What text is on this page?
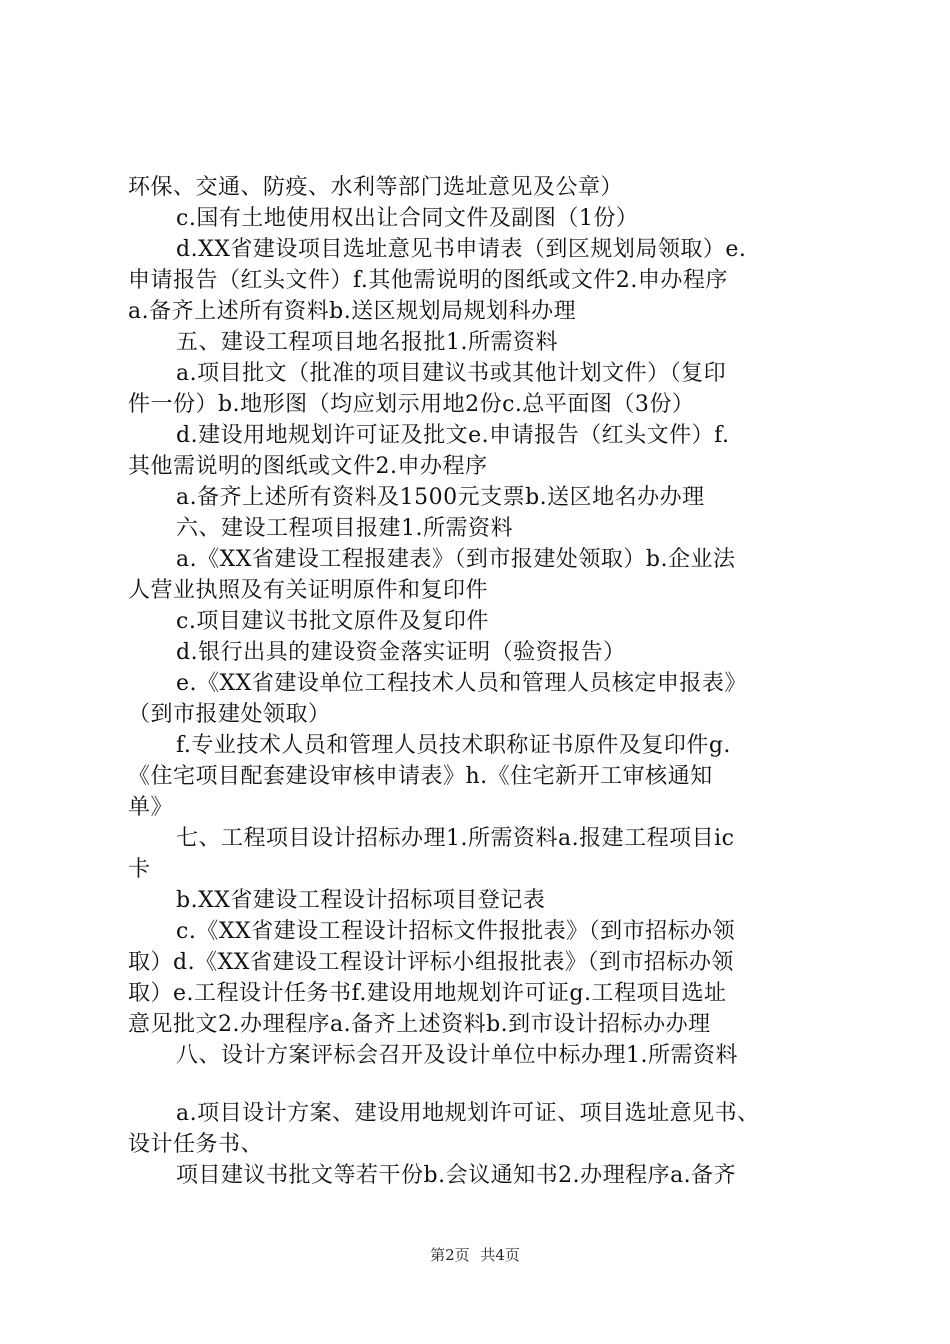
环保、交通、防疫、水利等部门选址意见及公章）
c.国有土地使用权出让合同文件及副图（1份）
d.XX省建设项目选址意见书申请表（到区规划局领取）e.
申请报告（红头文件）f.其他需说明的图纸或文件2.申办程序
a.备齐上述所有资料b.送区规划局规划科办理
五、建设工程项目地名报批1.所需资料
a.项目批文（批准的项目建议书或其他计划文件）（复印
件一份）b.地形图（均应划示用地2份c.总平面图（3份）
d.建设用地规划许可证及批文e.申请报告（红头文件）f.
其他需说明的图纸或文件2.申办程序
a.备齐上述所有资料及1500元支票b.送区地名办办理
六、建设工程项目报建1.所需资料
a.《XX省建设工程报建表》（到市报建处领取）b.企业法
人营业执照及有关证明原件和复印件
c.项目建议书批文原件及复印件
d.银行出具的建设资金落实证明（验资报告）
e.《XX省建设单位工程技术人员和管理人员核定申报表》
（到市报建处领取）
f.专业技术人员和管理人员技术职称证书原件及复印件g.
《住宅项目配套建设审核申请表》h.《住宅新开工审核通知
单》
七、工程项目设计招标办理1.所需资料a.报建工程项目ic
卡
b.XX省建设工程设计招标项目登记表
c.《XX省建设工程设计招标文件报批表》（到市招标办领
取）d.《XX省建设工程设计评标小组报批表》（到市招标办领
取）e.工程设计任务书f.建设用地规划许可证g.工程项目选址
意见批文2.办理程序a.备齐上述资料b.到市设计招标办办理
八、设计方案评标会召开及设计单位中标办理1.所需资料
a.项目设计方案、建设用地规划许可证、项目选址意见书、
设计任务书、
项目建议书批文等若干份b.会议通知书2.办理程序a.备齐
第2页 共4页
